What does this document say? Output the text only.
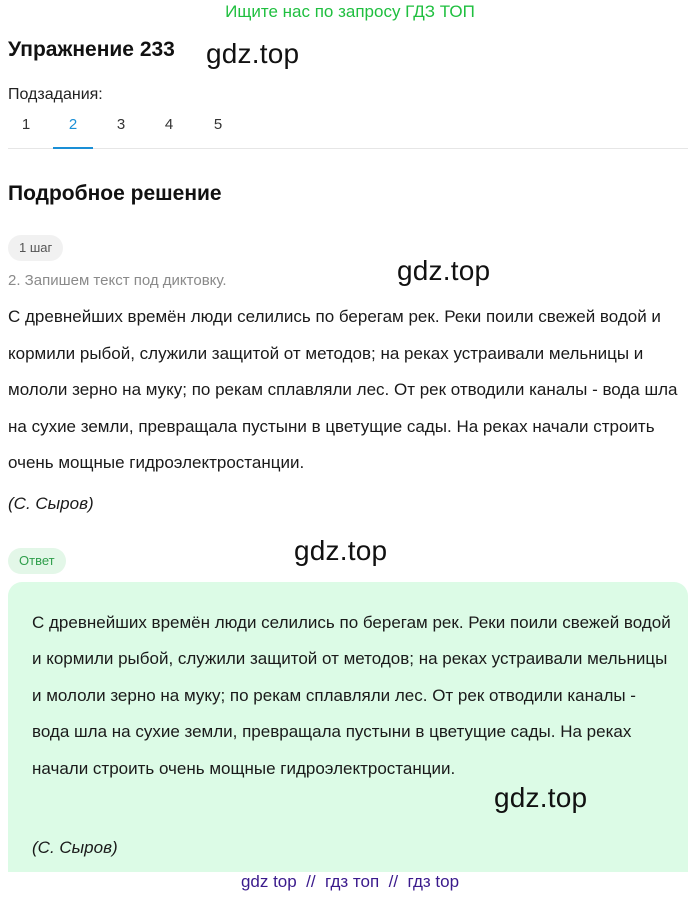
Ищите нас по запросу ГДЗ ТОП
Упражнение 233 gdz.top
Подзадания:
1	2	3	4	5
Подробное решение
1 шаг
2. Запишем текст под диктовку.	gdz.top
С древнейших времён люди селились по берегам рек. Реки поили свежей водой и кормили рыбой, служили защитой от методов; на реках устраивали мельницы и мололи зерно на муку; по рекам сплавляли лес. От рек отводили каналы - вода шла на сухие земли, превращала пустыни в цветущие сады. На реках начали строить очень мощные гидроэлектростанции.
(С. Сыров)
Ответ	gdz.top
С древнейших времён люди селились по берегам рек. Реки поили свежей водой и кормили рыбой, служили защитой от методов; на реках устраивали мельницы и мололи зерно на муку; по рекам сплавляли лес. От рек отводили каналы - вода шла на сухие земли, превращала пустыни в цветущие сады. На реках начали строить очень мощные гидроэлектростанции.
(С. Сыров)
gdz.top
gdz top  //  гдз топ  //  гдз top
